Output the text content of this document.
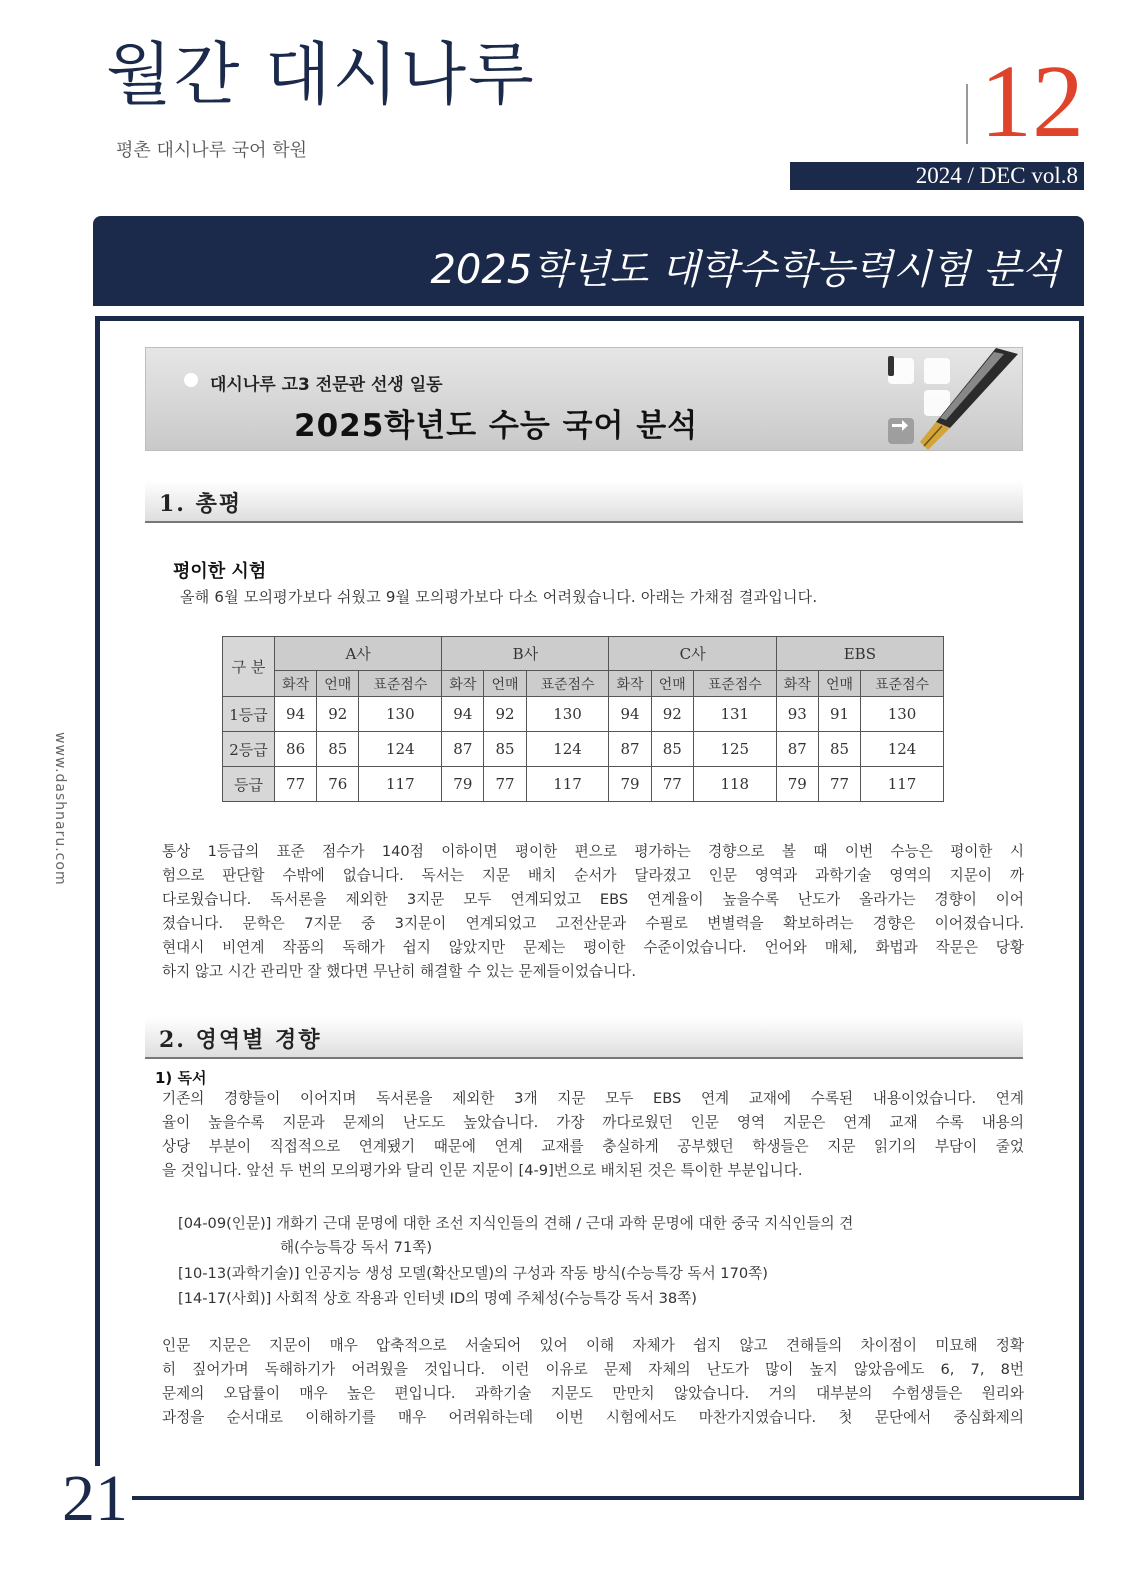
월간 대시나루
평촌 대시나루 국어 학원	12
2024 / DEC vol.8
2025학년도 대학수학능력시험 분석
www.dashnaru.com
21
대시나루 고3 전문관 선생 일동
2025학년도 수능 국어 분석
1. 총평
평이한 시험
올해 6월 모의평가보다 쉬웠고 9월 모의평가보다 다소 어려웠습니다. 아래는 가채점 결과입니다.
구 분	A사			B사			C사			EBS		
	화작	언매	표준점수	화작	언매	표준점수	화작	언매	표준점수	화작	언매	표준점수
1등급	94	92	130	94	92	130	94	92	131	93	91	130
2등급	86	85	124	87	85	124	87	85	125	87	85	124
등급	77	76	117	79	77	117	79	77	118	79	77	117
통상 1등급의 표준 점수가 140점 이하이면 평이한 편으로 평가하는 경향으로 볼 때 이번 수능은 평이한 시
험으로 판단할 수밖에 없습니다. 독서는 지문 배치 순서가 달라졌고 인문 영역과 과학기술 영역의 지문이 까
다로웠습니다. 독서론을 제외한 3지문 모두 연계되었고 EBS 연계율이 높을수록 난도가 올라가는 경향이 이어
졌습니다. 문학은 7지문 중 3지문이 연계되었고 고전산문과 수필로 변별력을 확보하려는 경향은 이어졌습니다.
현대시 비연계 작품의 독해가 쉽지 않았지만 문제는 평이한 수준이었습니다. 언어와 매체, 화법과 작문은 당황
하지 않고 시간 관리만 잘 했다면 무난히 해결할 수 있는 문제들이었습니다.
2. 영역별 경향
1) 독서
기존의 경향들이 이어지며 독서론을 제외한 3개 지문 모두 EBS 연계 교재에 수록된 내용이었습니다. 연계
율이 높을수록 지문과 문제의 난도도 높았습니다. 가장 까다로웠던 인문 영역 지문은 연계 교재 수록 내용의
상당 부분이 직접적으로 연계됐기 때문에 연계 교재를 충실하게 공부했던 학생들은 지문 읽기의 부담이 줄었
을 것입니다. 앞선 두 번의 모의평가와 달리 인문 지문이 [4-9]번으로 배치된 것은 특이한 부분입니다.
[04-09(인문)] 개화기 근대 문명에 대한 조선 지식인들의 견해 / 근대 과학 문명에 대한 중국 지식인들의 견
해(수능특강 독서 71쪽)
[10-13(과학기술)] 인공지능 생성 모델(확산모델)의 구성과 작동 방식(수능특강 독서 170쪽)
[14-17(사회)] 사회적 상호 작용과 인터넷 ID의 명예 주체성(수능특강 독서 38쪽)
인문 지문은 지문이 매우 압축적으로 서술되어 있어 이해 자체가 쉽지 않고 견해들의 차이점이 미묘해 정확
히 짚어가며 독해하기가 어려웠을 것입니다. 이런 이유로 문제 자체의 난도가 많이 높지 않았음에도 6, 7, 8번
문제의 오답률이 매우 높은 편입니다. 과학기술 지문도 만만치 않았습니다. 거의 대부분의 수험생들은 원리와
과정을 순서대로 이해하기를 매우 어려워하는데 이번 시험에서도 마찬가지였습니다. 첫 문단에서 중심화제의
